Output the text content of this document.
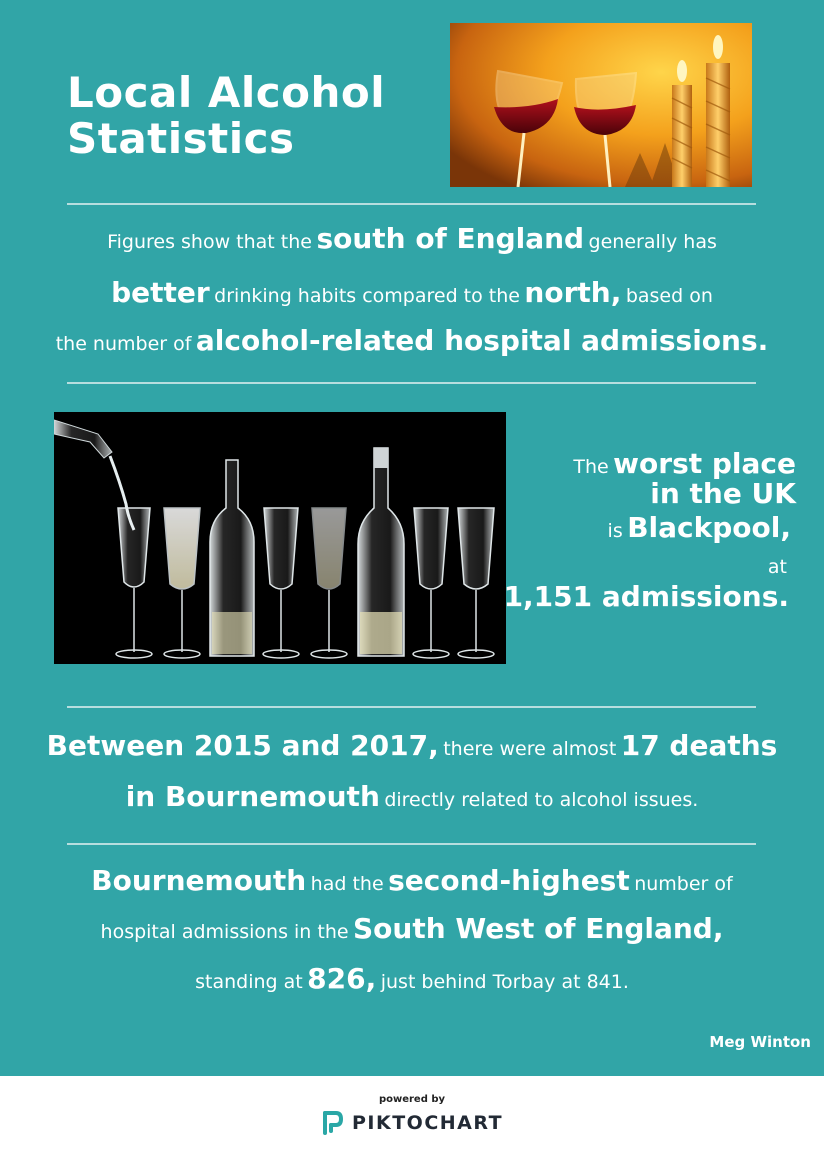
Local Alcohol
Statistics
Figures show that the south of England generally has
better drinking habits compared to the north, based on
the number of alcohol-related hospital admissions.
The worst place
in the UK
is Blackpool,
at
1,151 admissions.
Between 2015 and 2017, there were almost 17 deaths
in Bournemouth directly related to alcohol issues.
Bournemouth had the second-highest number of
hospital admissions in the South West of England,
standing at 826, just behind Torbay at 841.
Meg Winton
powered by
PIKTOCHART
